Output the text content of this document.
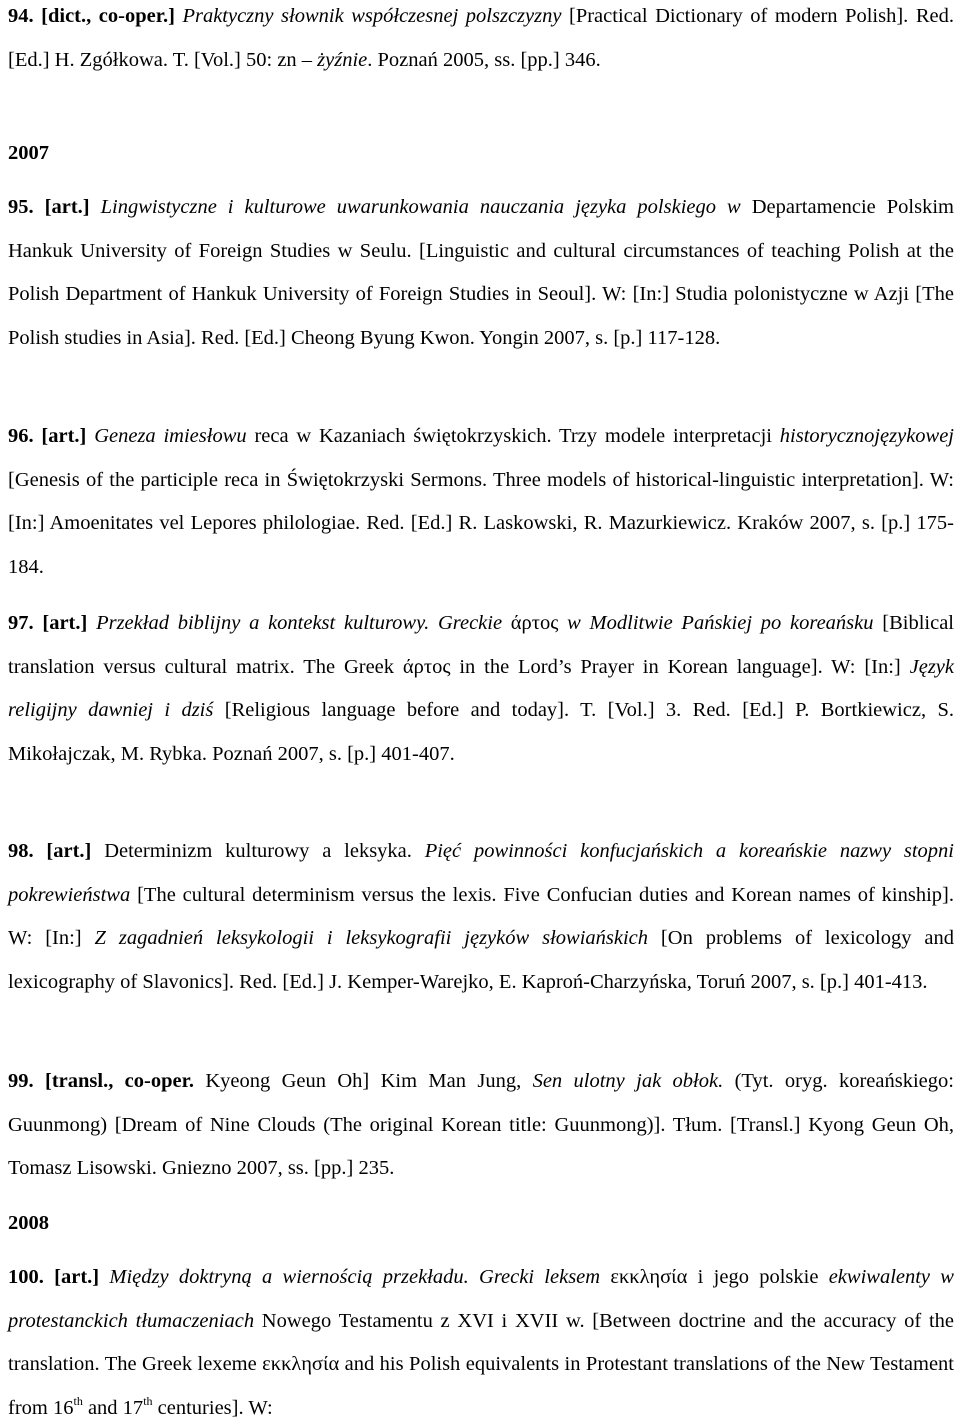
94. [dict., co-oper.] Praktyczny słownik współczesnej polszczyzny [Practical Dictionary of modern Polish]. Red. [Ed.] H. Zgółkowa. T. [Vol.] 50: zn – żyźnie. Poznań 2005, ss. [pp.] 346.

2007

95. [art.] Lingwistyczne i kulturowe uwarunkowania nauczania języka polskiego w Departamencie Polskim Hankuk University of Foreign Studies w Seulu. [Linguistic and cultural circumstances of teaching Polish at the Polish Department of Hankuk University of Foreign Studies in Seoul]. W: [In:] Studia polonistyczne w Azji [The Polish studies in Asia]. Red. [Ed.] Cheong Byung Kwon. Yongin 2007, s. [p.] 117-128.

96. [art.] Geneza imiesłowu reca w Kazaniach świętokrzyskich. Trzy modele interpretacji historycznojęzykowej [Genesis of the participle reca in Świętokrzyski Sermons. Three models of historical-linguistic interpretation]. W: [In:] Amoenitates vel Lepores philologiae. Red. [Ed.] R. Laskowski, R. Mazurkiewicz. Kraków 2007, s. [p.] 175-184.

97. [art.] Przekład biblijny a kontekst kulturowy. Greckie άρτος w Modlitwie Pańskiej po koreańsku [Biblical translation versus cultural matrix. The Greek άρτος in the Lord’s Prayer in Korean language]. W: [In:] Język religijny dawniej i dziś [Religious language before and today]. T. [Vol.] 3. Red. [Ed.] P. Bortkiewicz, S. Mikołajczak, M. Rybka. Poznań 2007, s. [p.] 401-407.

98. [art.] Determinizm kulturowy a leksyka. Pięć powinności konfucjańskich a koreańskie nazwy stopni pokrewieństwa [The cultural determinism versus the lexis. Five Confucian duties and Korean names of kinship]. W: [In:] Z zagadnień leksykologii i leksykografii języków słowiańskich [On problems of lexicology and lexicography of Slavonics]. Red. [Ed.] J. Kemper-Warejko, E. Kaproń-Charzyńska, Toruń 2007, s. [p.] 401-413.

99. [transl., co-oper. Kyeong Geun Oh] Kim Man Jung, Sen ulotny jak obłok. (Tyt. oryg. koreańskiego: Guunmong) [Dream of Nine Clouds (The original Korean title: Guunmong)]. Tłum. [Transl.] Kyong Geun Oh, Tomasz Lisowski. Gniezno 2007, ss. [pp.] 235.

2008

100. [art.] Między doktryną a wiernością przekładu. Grecki leksem εκκλησία i jego polskie ekwiwalenty w protestanckich tłumaczeniach Nowego Testamentu z XVI i XVII w. [Between doctrine and the accuracy of the translation. The Greek lexeme εκκλησία and his Polish equivalents in Protestant translations of the New Testament from 16th and 17th centuries]. W:
